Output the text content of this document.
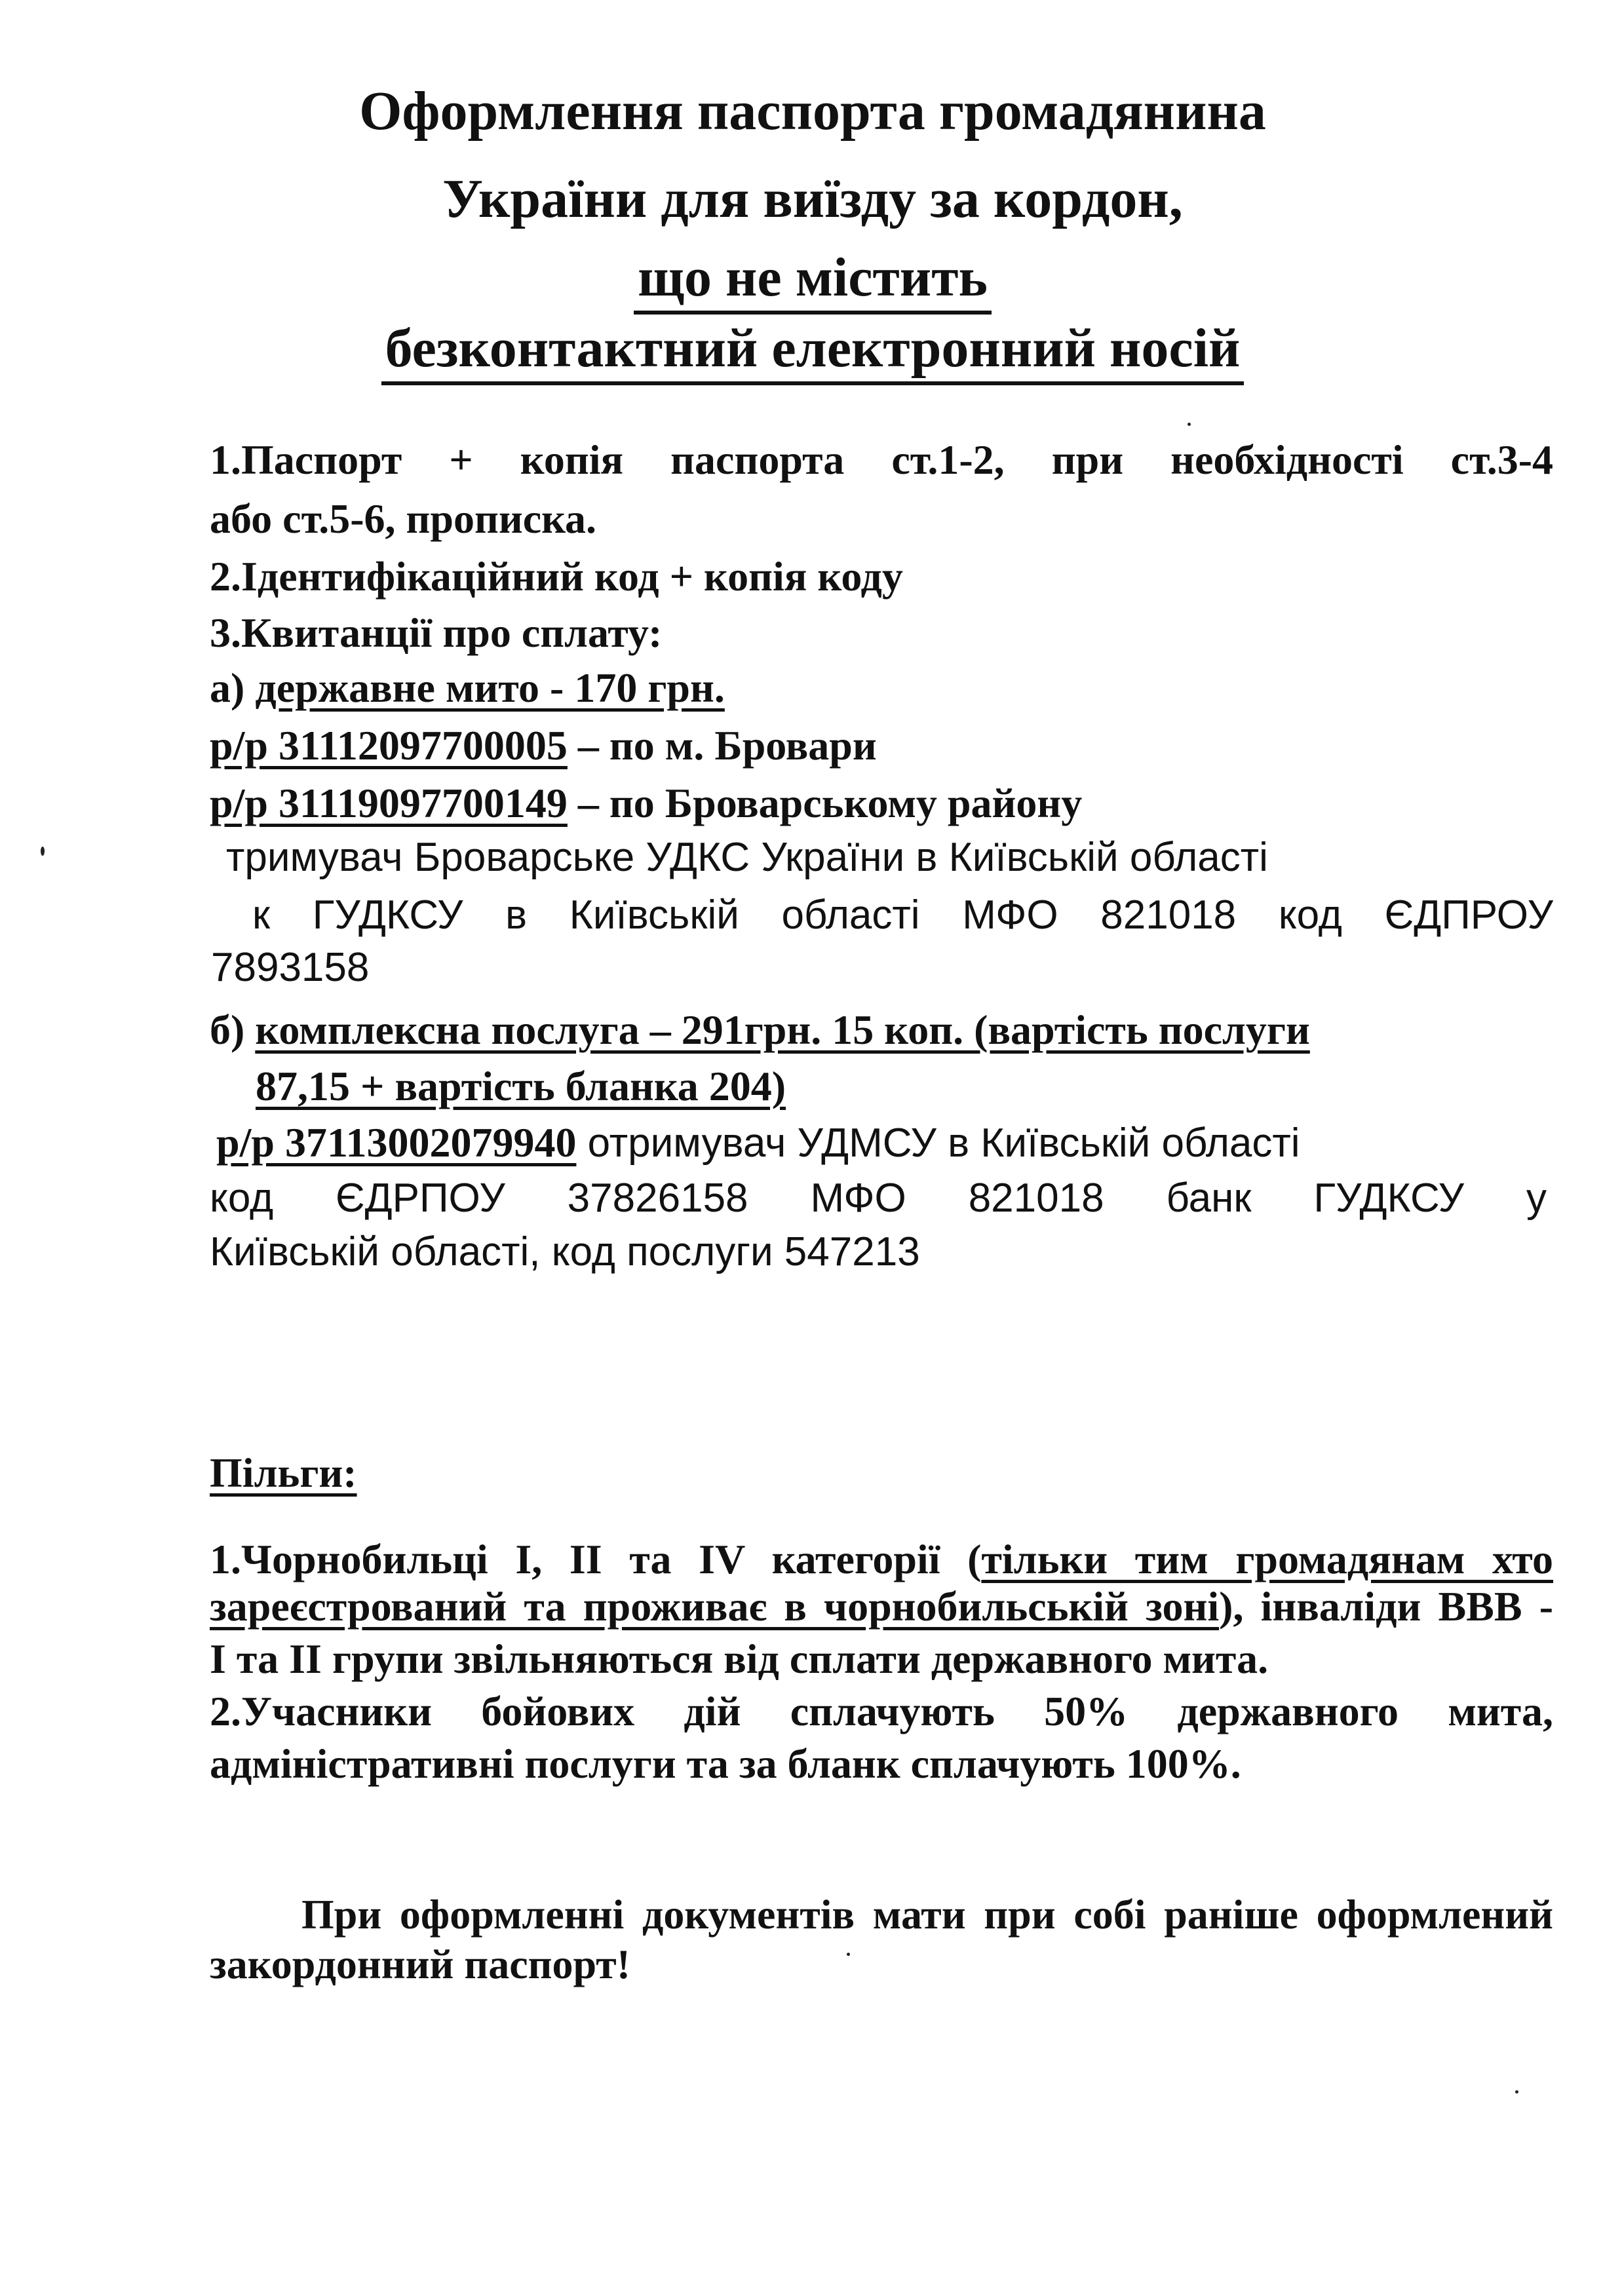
Оформлення паспорта громадянина
України для виїзду за кордон,
що не містить
безконтактний електронний носій
1.Паспорт + копія паспорта ст.1-2, при необхідності ст.3-4
або ст.5-6, прописка.
2.Ідентифікаційний код + копія коду
3.Квитанції про сплату:
а) державне мито - 170 грн.
р/р 31112097700005 – по м. Бровари
р/р 31119097700149 – по Броварському району
тримувач Броварське УДКС України в Київській області
к ГУДКСУ в Київській області МФО 821018 код ЄДПРОУ
7893158
б) комплексна послуга – 291грн. 15 коп. (вартість послуги
87,15 + вартість бланка 204)
р/р 37113002079940 отримувач УДМСУ в Київській області
код ЄДРПОУ 37826158 МФО 821018 банк ГУДКСУ у
Київській області, код послуги 547213
Пільги:
1.Чорнобильці І, ІІ та IV категорії (тільки тим громадянам хто
зареєстрований та проживає в чорнобильській зоні), інваліди ВВВ -
І та ІІ групи звільняються від сплати державного мита.
2.Учасники бойових дій сплачують 50% державного мита,
адміністративні послуги та за бланк сплачують 100%.
При оформленні документів мати при собі раніше оформлений
закордонний паспорт!
